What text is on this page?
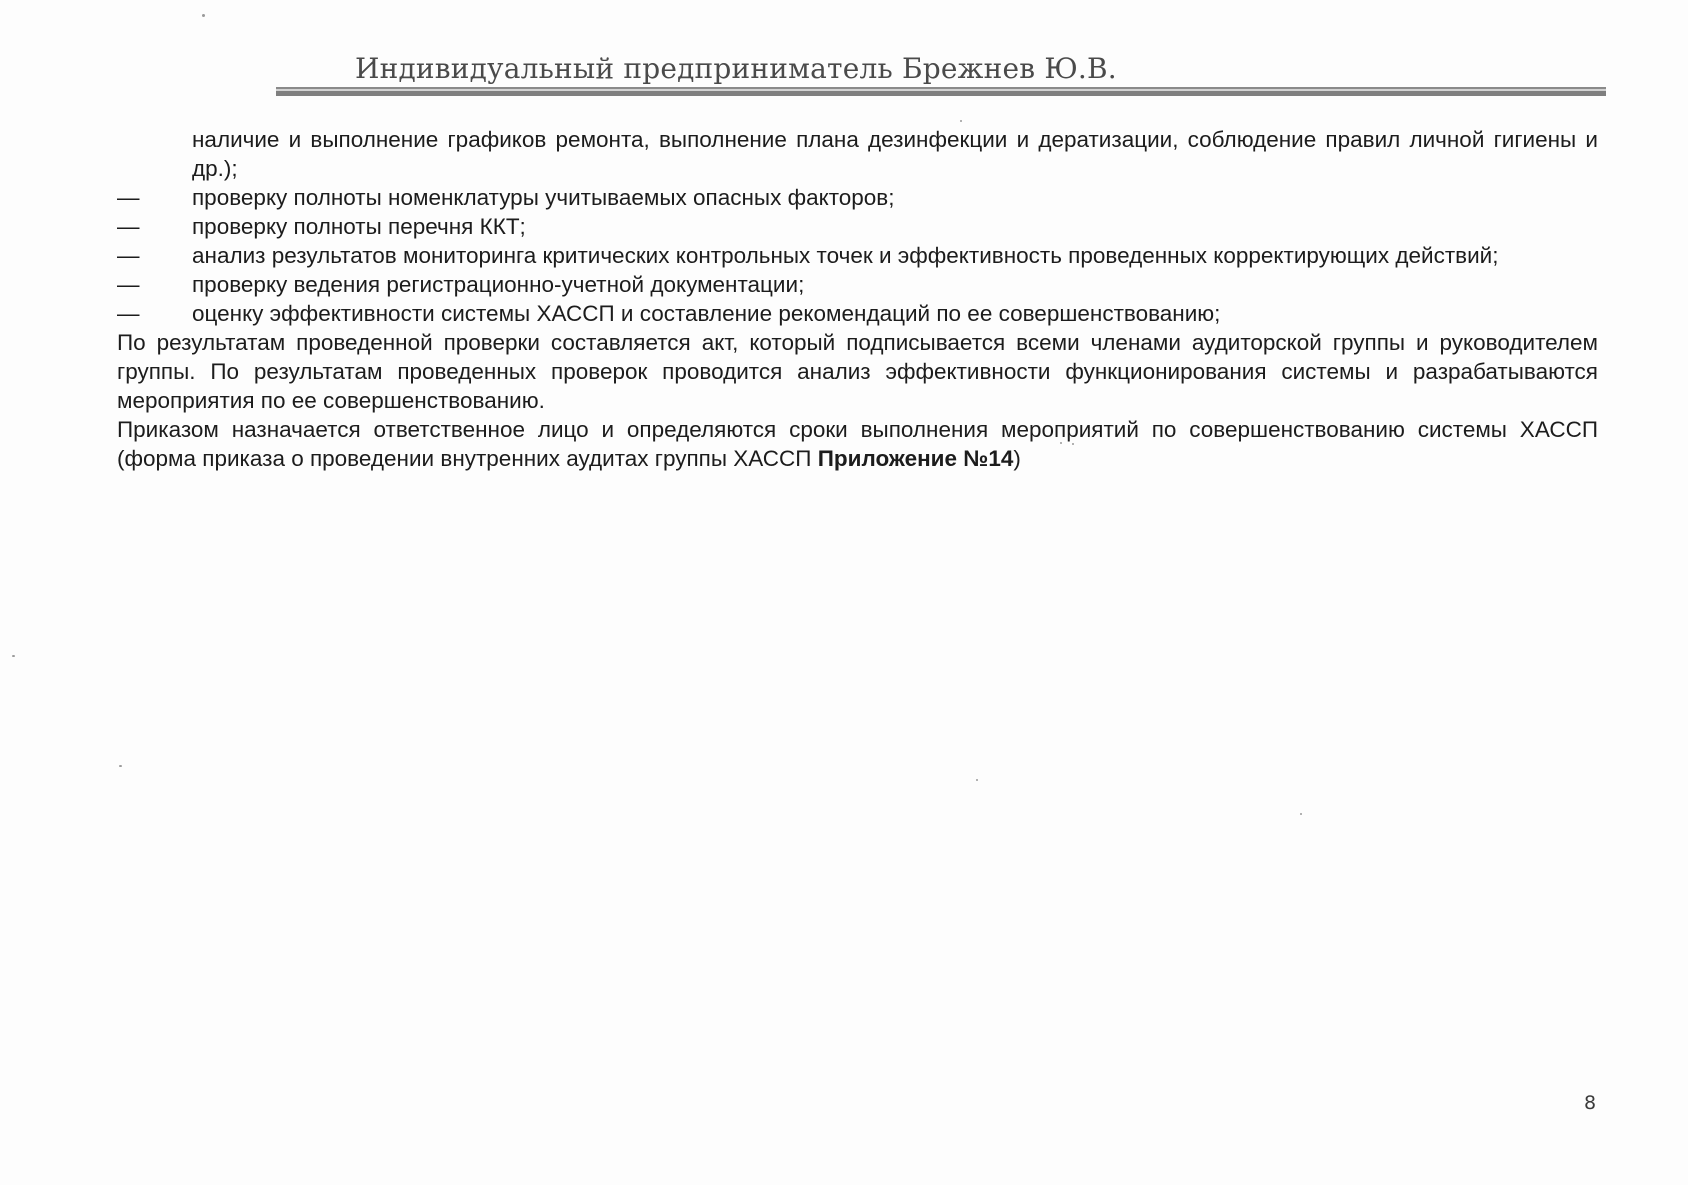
Индивидуальный предприниматель Брежнев Ю.В.
наличие и выполнение графиков ремонта, выполнение плана дезинфекции и дератизации, соблюдение правил личной гигиены и др.);
— проверку полноты номенклатуры учитываемых опасных факторов;
— проверку полноты перечня ККТ;
— анализ результатов мониторинга критических контрольных точек и эффективность проведенных корректирующих действий;
— проверку ведения регистрационно-учетной документации;
— оценку эффективности системы ХАССП и составление рекомендаций по ее совершенствованию;
По результатам проведенной проверки составляется акт, который подписывается всеми членами аудиторской группы и руководителем группы. По результатам проведенных проверок проводится анализ эффективности функционирования системы и разрабатываются мероприятия по ее совершенствованию.
Приказом назначается ответственное лицо и определяются сроки выполнения мероприятий по совершенствованию системы ХАССП (форма приказа о проведении внутренних аудитах группы ХАССП Приложение №14)
8
